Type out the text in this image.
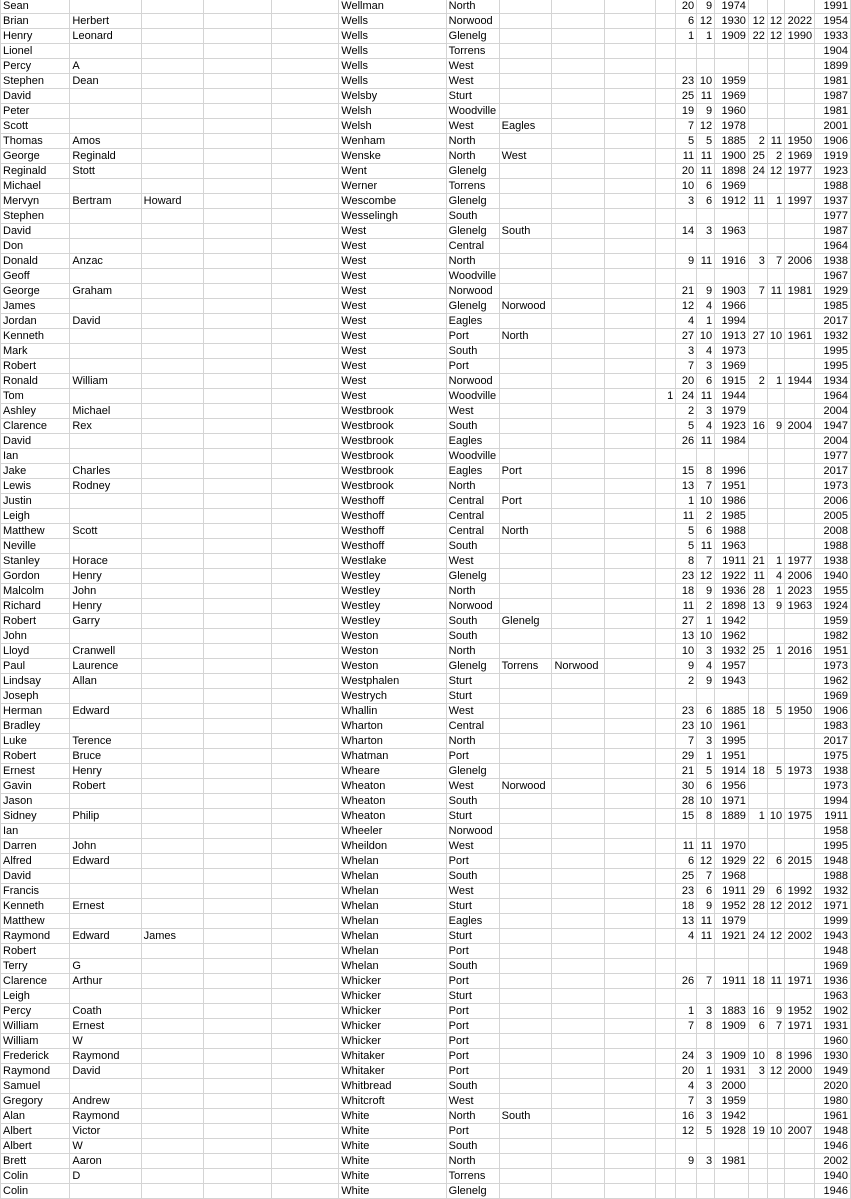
Sean					Wellman	North					20	9	1974				1991
Brian	Herbert				Wells	Norwood					6	12	1930	12	12	2022	1954
Henry	Leonard				Wells	Glenelg					1	1	1909	22	12	1990	1933
Lionel					Wells	Torrens											1904
Percy	A				Wells	West											1899
Stephen	Dean				Wells	West					23	10	1959				1981
David					Welsby	Sturt					25	11	1969				1987
Peter					Welsh	Woodville					19	9	1960				1981
Scott					Welsh	West	Eagles				7	12	1978				2001
Thomas	Amos				Wenham	North					5	5	1885	2	11	1950	1906
George	Reginald				Wenske	North	West				11	11	1900	25	2	1969	1919
Reginald	Stott				Went	Glenelg					20	11	1898	24	12	1977	1923
Michael					Werner	Torrens					10	6	1969				1988
Mervyn	Bertram	Howard			Wescombe	Glenelg					3	6	1912	11	1	1997	1937
Stephen					Wesselingh	South											1977
David					West	Glenelg	South				14	3	1963				1987
Don					West	Central											1964
Donald	Anzac				West	North					9	11	1916	3	7	2006	1938
Geoff					West	Woodville											1967
George	Graham				West	Norwood					21	9	1903	7	11	1981	1929
James					West	Glenelg	Norwood				12	4	1966				1985
Jordan	David				West	Eagles					4	1	1994				2017
Kenneth					West	Port	North				27	10	1913	27	10	1961	1932
Mark					West	South					3	4	1973				1995
Robert					West	Port					7	3	1969				1995
Ronald	William				West	Norwood					20	6	1915	2	1	1944	1934
Tom					West	Woodville				1	24	11	1944				1964
Ashley	Michael				Westbrook	West					2	3	1979				2004
Clarence	Rex				Westbrook	South					5	4	1923	16	9	2004	1947
David					Westbrook	Eagles					26	11	1984				2004
Ian					Westbrook	Woodville											1977
Jake	Charles				Westbrook	Eagles	Port				15	8	1996				2017
Lewis	Rodney				Westbrook	North					13	7	1951				1973
Justin					Westhoff	Central	Port				1	10	1986				2006
Leigh					Westhoff	Central					11	2	1985				2005
Matthew	Scott				Westhoff	Central	North				5	6	1988				2008
Neville					Westhoff	South					5	11	1963				1988
Stanley	Horace				Westlake	West					8	7	1911	21	1	1977	1938
Gordon	Henry				Westley	Glenelg					23	12	1922	11	4	2006	1940
Malcolm	John				Westley	North					18	9	1936	28	1	2023	1955
Richard	Henry				Westley	Norwood					11	2	1898	13	9	1963	1924
Robert	Garry				Westley	South	Glenelg				27	1	1942				1959
John					Weston	South					13	10	1962				1982
Lloyd	Cranwell				Weston	North					10	3	1932	25	1	2016	1951
Paul	Laurence				Weston	Glenelg	Torrens	Norwood			9	4	1957				1973
Lindsay	Allan				Westphalen	Sturt					2	9	1943				1962
Joseph					Westrych	Sturt											1969
Herman	Edward				Whallin	West					23	6	1885	18	5	1950	1906
Bradley					Wharton	Central					23	10	1961				1983
Luke	Terence				Wharton	North					7	3	1995				2017
Robert	Bruce				Whatman	Port					29	1	1951				1975
Ernest	Henry				Wheare	Glenelg					21	5	1914	18	5	1973	1938
Gavin	Robert				Wheaton	West	Norwood				30	6	1956				1973
Jason					Wheaton	South					28	10	1971				1994
Sidney	Philip				Wheaton	Sturt					15	8	1889	1	10	1975	1911
Ian					Wheeler	Norwood											1958
Darren	John				Wheildon	West					11	11	1970				1995
Alfred	Edward				Whelan	Port					6	12	1929	22	6	2015	1948
David					Whelan	South					25	7	1968				1988
Francis					Whelan	West					23	6	1911	29	6	1992	1932
Kenneth	Ernest				Whelan	Sturt					18	9	1952	28	12	2012	1971
Matthew					Whelan	Eagles					13	11	1979				1999
Raymond	Edward	James			Whelan	Sturt					4	11	1921	24	12	2002	1943
Robert					Whelan	Port											1948
Terry	G				Whelan	South											1969
Clarence	Arthur				Whicker	Port					26	7	1911	18	11	1971	1936
Leigh					Whicker	Sturt											1963
Percy	Coath				Whicker	Port					1	3	1883	16	9	1952	1902
William	Ernest				Whicker	Port					7	8	1909	6	7	1971	1931
William	W				Whicker	Port											1960
Frederick	Raymond				Whitaker	Port					24	3	1909	10	8	1996	1930
Raymond	David				Whitaker	Port					20	1	1931	3	12	2000	1949
Samuel					Whitbread	South					4	3	2000				2020
Gregory	Andrew				Whitcroft	West					7	3	1959				1980
Alan	Raymond				White	North	South				16	3	1942				1961
Albert	Victor				White	Port					12	5	1928	19	10	2007	1948
Albert	W				White	South											1946
Brett	Aaron				White	North					9	3	1981				2002
Colin	D				White	Torrens											1940
Colin					White	Glenelg											1946
